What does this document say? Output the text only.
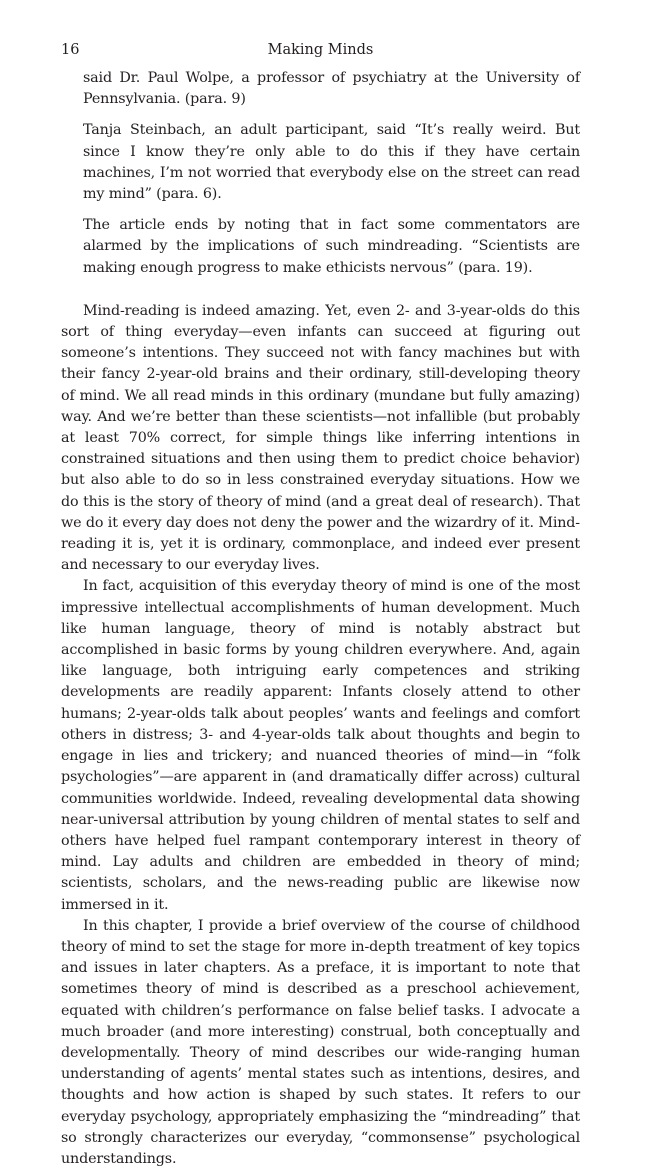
16	Making Minds

said Dr. Paul Wolpe, a professor of psychiatry at the University of Pennsylvania. (para. 9)

Tanja Steinbach, an adult participant, said “It’s really weird. But since I know they’re only able to do this if they have certain machines, I’m not worried that everybody else on the street can read my mind” (para. 6).

The article ends by noting that in fact some commentators are alarmed by the implications of such mindreading. “Scientists are making enough progress to make ethicists nervous” (para. 19).

Mind-reading is indeed amazing. Yet, even 2- and 3-year-olds do this sort of thing everyday—even infants can succeed at figuring out someone’s intentions. They succeed not with fancy machines but with their fancy 2-year-old brains and their ordinary, still-developing theory of mind. We all read minds in this ordinary (mundane but fully amazing) way. And we’re better than these scientists—not infallible (but probably at least 70% correct, for simple things like inferring intentions in constrained situations and then using them to predict choice behavior) but also able to do so in less constrained everyday situations. How we do this is the story of theory of mind (and a great deal of research). That we do it every day does not deny the power and the wizardry of it. Mind-reading it is, yet it is ordinary, commonplace, and indeed ever present and necessary to our everyday lives.

In fact, acquisition of this everyday theory of mind is one of the most impressive intellectual accomplishments of human development. Much like human language, theory of mind is notably abstract but accomplished in basic forms by young children everywhere. And, again like language, both intriguing early competences and striking developments are readily apparent: Infants closely attend to other humans; 2-year-olds talk about peoples’ wants and feelings and comfort others in distress; 3- and 4-year-olds talk about thoughts and begin to engage in lies and trickery; and nuanced theories of mind—in “folk psychologies”—are apparent in (and dramatically differ across) cultural communities worldwide. Indeed, revealing developmental data showing near-universal attribution by young children of mental states to self and others have helped fuel rampant contemporary interest in theory of mind. Lay adults and children are embedded in theory of mind; scientists, scholars, and the news-reading public are likewise now immersed in it.

In this chapter, I provide a brief overview of the course of childhood theory of mind to set the stage for more in-depth treatment of key topics and issues in later chapters. As a preface, it is important to note that sometimes theory of mind is described as a preschool achievement, equated with children’s performance on false belief tasks. I advocate a much broader (and more interesting) construal, both conceptually and developmentally. Theory of mind describes our wide-ranging human understanding of agents’ mental states such as intentions, desires, and thoughts and how action is shaped by such states. It refers to our everyday psychology, appropriately emphasizing the “mindreading” that so strongly characterizes our everyday, “commonsense” psychological understandings.
